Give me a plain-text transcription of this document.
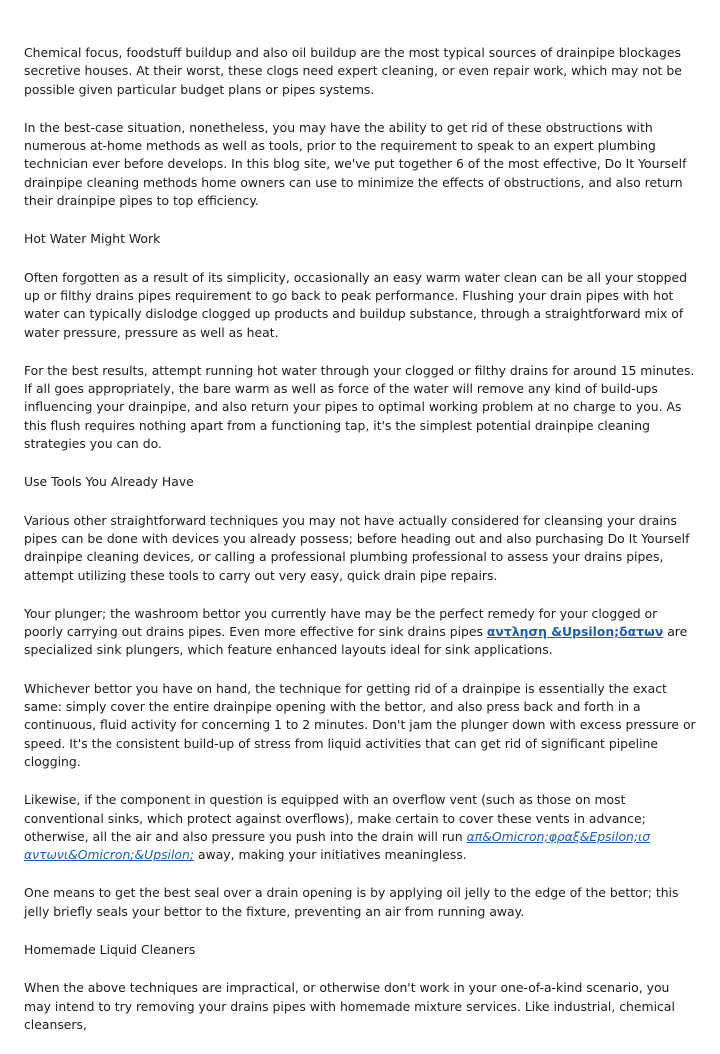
Chemical focus, foodstuff buildup and also oil buildup are the most typical sources of drainpipe blockages secretive houses. At their worst, these clogs need expert cleaning, or even repair work, which may not be possible given particular budget plans or pipes systems.

In the best-case situation, nonetheless, you may have the ability to get rid of these obstructions with numerous at-home methods as well as tools, prior to the requirement to speak to an expert plumbing technician ever before develops. In this blog site, we've put together 6 of the most effective, Do It Yourself drainpipe cleaning methods home owners can use to minimize the effects of obstructions, and also return their drainpipe pipes to top efficiency.

Hot Water Might Work

Often forgotten as a result of its simplicity, occasionally an easy warm water clean can be all your stopped up or filthy drains pipes requirement to go back to peak performance. Flushing your drain pipes with hot water can typically dislodge clogged up products and buildup substance, through a straightforward mix of water pressure, pressure as well as heat.

For the best results, attempt running hot water through your clogged or filthy drains for around 15 minutes. If all goes appropriately, the bare warm as well as force of the water will remove any kind of build-ups influencing your drainpipe, and also return your pipes to optimal working problem at no charge to you. As this flush requires nothing apart from a functioning tap, it's the simplest potential drainpipe cleaning strategies you can do.

Use Tools You Already Have

Various other straightforward techniques you may not have actually considered for cleansing your drains pipes can be done with devices you already possess; before heading out and also purchasing Do It Yourself drainpipe cleaning devices, or calling a professional plumbing professional to assess your drains pipes, attempt utilizing these tools to carry out very easy, quick drain pipe repairs.

Your plunger; the washroom bettor you currently have may be the perfect remedy for your clogged or poorly carrying out drains pipes. Even more effective for sink drains pipes αντληση &Upsilon;δατων are specialized sink plungers, which feature enhanced layouts ideal for sink applications.

Whichever bettor you have on hand, the technique for getting rid of a drainpipe is essentially the exact same: simply cover the entire drainpipe opening with the bettor, and also press back and forth in a continuous, fluid activity for concerning 1 to 2 minutes. Don't jam the plunger down with excess pressure or speed. It's the consistent build-up of stress from liquid activities that can get rid of significant pipeline clogging.

Likewise, if the component in question is equipped with an overflow vent (such as those on most conventional sinks, which protect against overflows), make certain to cover these vents in advance; otherwise, all the air and also pressure you push into the drain will run απ&Omicron;φραξ&Epsilon;ισ αντωνι&Omicron;&Upsilon; away, making your initiatives meaningless.

One means to get the best seal over a drain opening is by applying oil jelly to the edge of the bettor; this jelly briefly seals your bettor to the fixture, preventing an air from running away.

Homemade Liquid Cleaners

When the above techniques are impractical, or otherwise don't work in your one-of-a-kind scenario, you may intend to try removing your drains pipes with homemade mixture services. Like industrial, chemical cleansers,
